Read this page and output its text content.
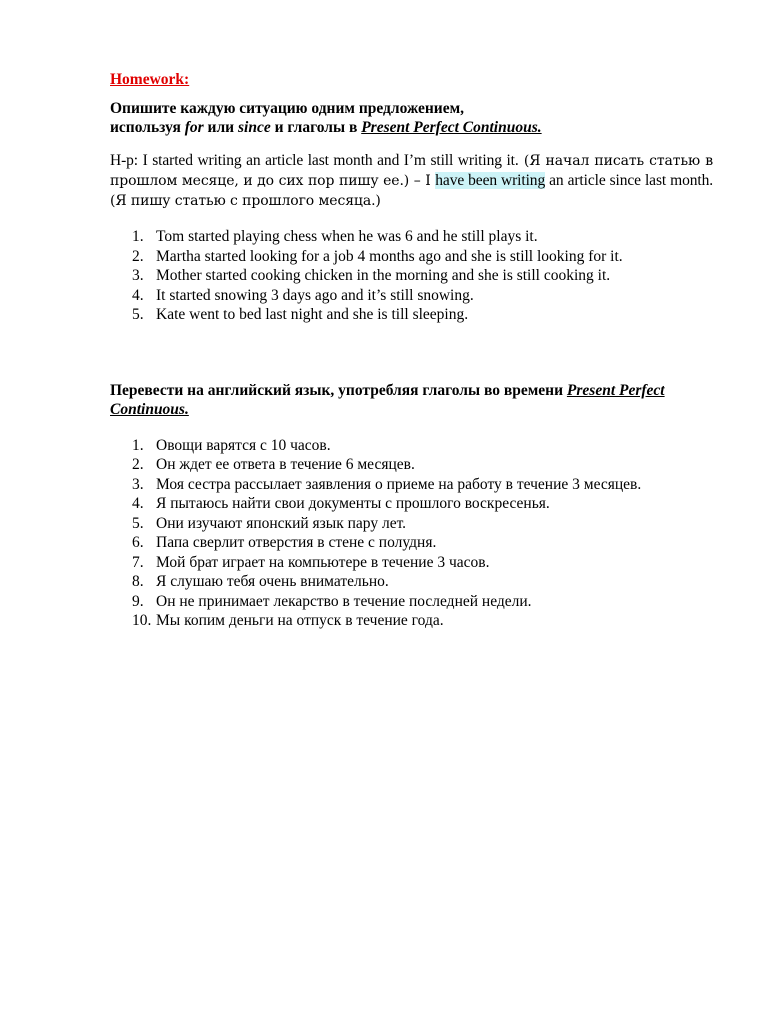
Homework:

Опишите каждую ситуацию одним предложением,
используя for или since и глаголы в Present Perfect Continuous.

H-p: I started writing an article last month and I’m still writing it. (Я начал писать статью в прошлом месяце, и до сих пор пишу ее.) – I have been writing an article since last month. (Я пишу статью с прошлого месяца.)

1. Tom started playing chess when he was 6 and he still plays it.
2. Martha started looking for a job 4 months ago and she is still looking for it.
3. Mother started cooking chicken in the morning and she is still cooking it.
4. It started snowing 3 days ago and it’s still snowing.
5. Kate went to bed last night and she is till sleeping.

Перевести на английский язык, употребляя глаголы во времени Present Perfect Continuous.

1. Овощи варятся с 10 часов.
2. Он ждет ее ответа в течение 6 месяцев.
3. Моя сестра рассылает заявления о приеме на работу в течение 3 месяцев.
4. Я пытаюсь найти свои документы с прошлого воскресенья.
5. Они изучают японский язык пару лет.
6. Папа сверлит отверстия в стене с полудня.
7. Мой брат играет на компьютере в течение 3 часов.
8. Я слушаю тебя очень внимательно.
9. Он не принимает лекарство в течение последней недели.
10. Мы копим деньги на отпуск в течение года.
